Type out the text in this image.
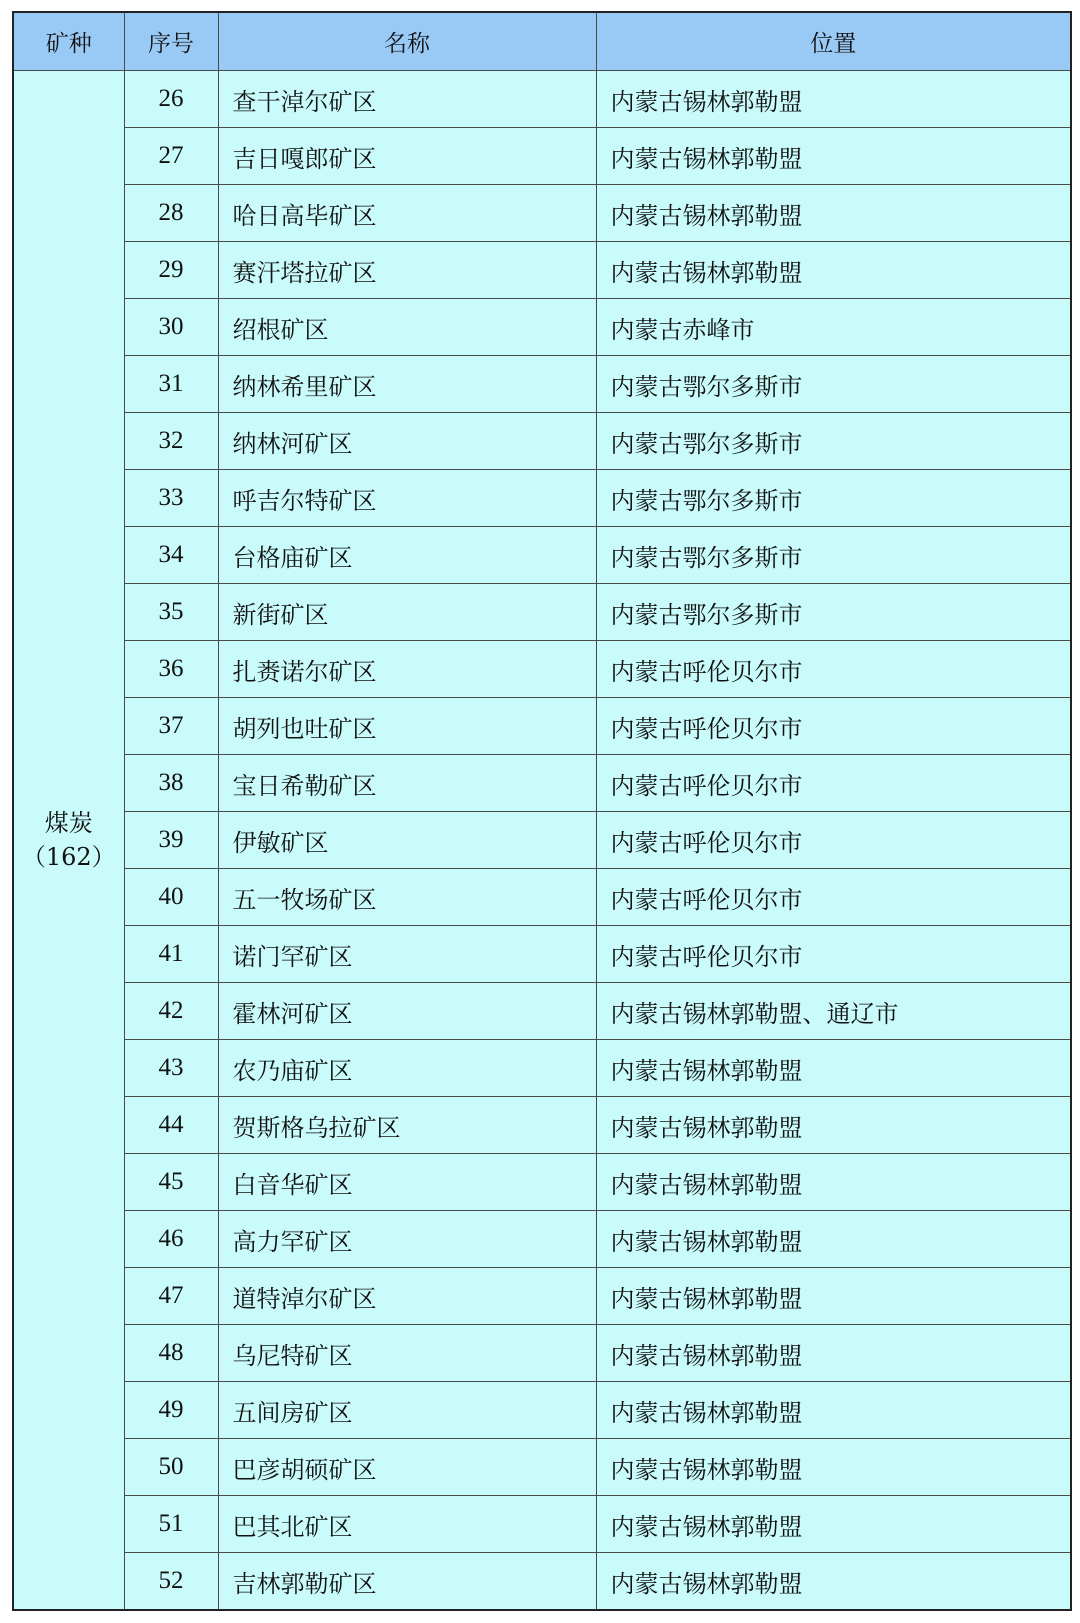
矿种	序号	名称	位置

煤炭
（162）	26	查干淖尔矿区	内蒙古锡林郭勒盟
	27	吉日嘎郎矿区	内蒙古锡林郭勒盟
	28	哈日高毕矿区	内蒙古锡林郭勒盟
	29	赛汗塔拉矿区	内蒙古锡林郭勒盟
	30	绍根矿区	内蒙古赤峰市
	31	纳林希里矿区	内蒙古鄂尔多斯市
	32	纳林河矿区	内蒙古鄂尔多斯市
	33	呼吉尔特矿区	内蒙古鄂尔多斯市
	34	台格庙矿区	内蒙古鄂尔多斯市
	35	新街矿区	内蒙古鄂尔多斯市
	36	扎赉诺尔矿区	内蒙古呼伦贝尔市
	37	胡列也吐矿区	内蒙古呼伦贝尔市
	38	宝日希勒矿区	内蒙古呼伦贝尔市
	39	伊敏矿区	内蒙古呼伦贝尔市
	40	五一牧场矿区	内蒙古呼伦贝尔市
	41	诺门罕矿区	内蒙古呼伦贝尔市
	42	霍林河矿区	内蒙古锡林郭勒盟、通辽市
	43	农乃庙矿区	内蒙古锡林郭勒盟
	44	贺斯格乌拉矿区	内蒙古锡林郭勒盟
	45	白音华矿区	内蒙古锡林郭勒盟
	46	高力罕矿区	内蒙古锡林郭勒盟
	47	道特淖尔矿区	内蒙古锡林郭勒盟
	48	乌尼特矿区	内蒙古锡林郭勒盟
	49	五间房矿区	内蒙古锡林郭勒盟
	50	巴彦胡硕矿区	内蒙古锡林郭勒盟
	51	巴其北矿区	内蒙古锡林郭勒盟
	52	吉林郭勒矿区	内蒙古锡林郭勒盟
